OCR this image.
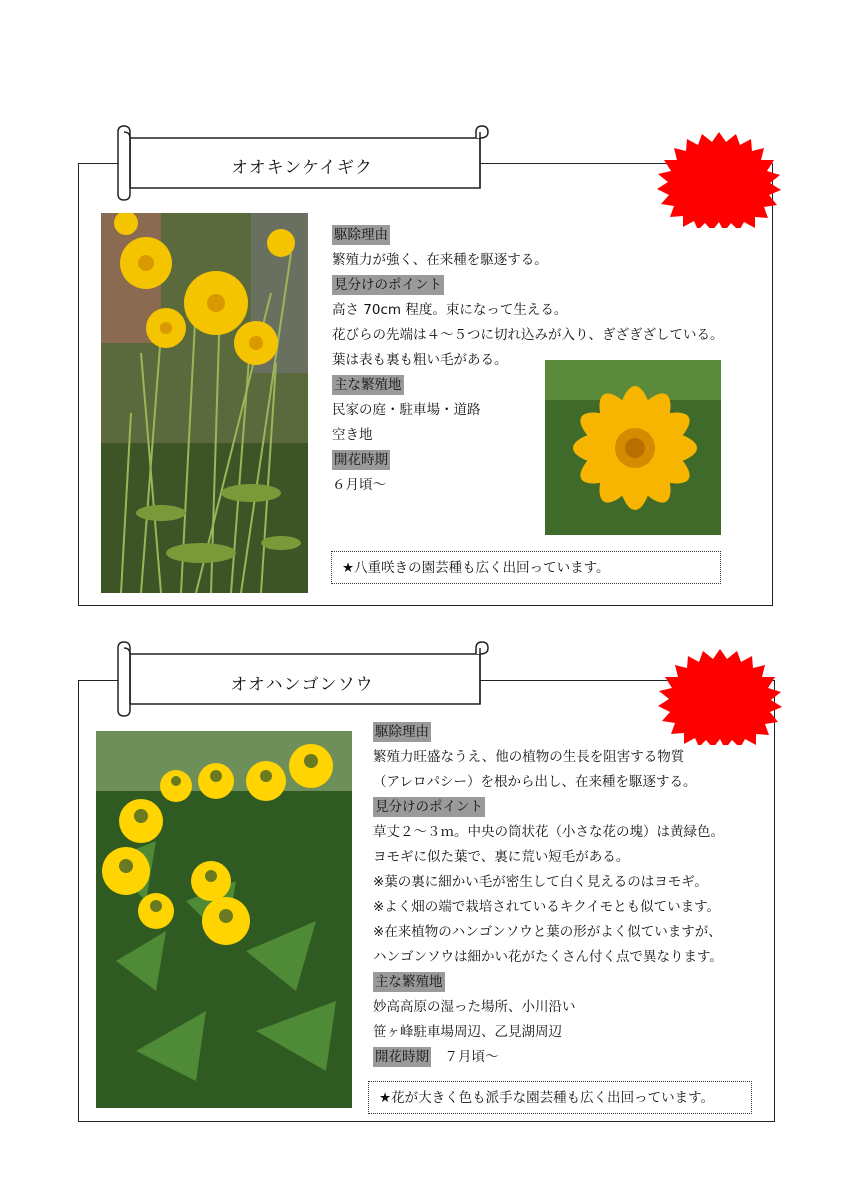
オオキンケイギク
特定
外来植物
駆除理由
繁殖力が強く、在来種を駆逐する。
見分けのポイント
高さ 70cm 程度。束になって生える。
花びらの先端は４～５つに切れ込みが入り、ぎざぎざしている。
葉は表も裏も粗い毛がある。
主な繁殖地
民家の庭・駐車場・道路
空き地
開花時期
６月頃～
★八重咲きの園芸種も広く出回っています。
オオハンゴンソウ
特定
外来植物
駆除理由
繁殖力旺盛なうえ、他の植物の生長を阻害する物質
（アレロパシー）を根から出し、在来種を駆逐する。
見分けのポイント
草丈２～３ｍ。中央の筒状花（小さな花の塊）は黄緑色。
ヨモギに似た葉で、裏に荒い短毛がある。
※葉の裏に細かい毛が密生して白く見えるのはヨモギ。
※よく畑の端で栽培されているキクイモとも似ています。
※在来植物のハンゴンソウと葉の形がよく似ていますが、
ハンゴンソウは細かい花がたくさん付く点で異なります。
主な繁殖地
妙高高原の湿った場所、小川沿い
笹ヶ峰駐車場周辺、乙見湖周辺
開花時期　 ７月頃～
★花が大きく色も派手な園芸種も広く出回っています。
